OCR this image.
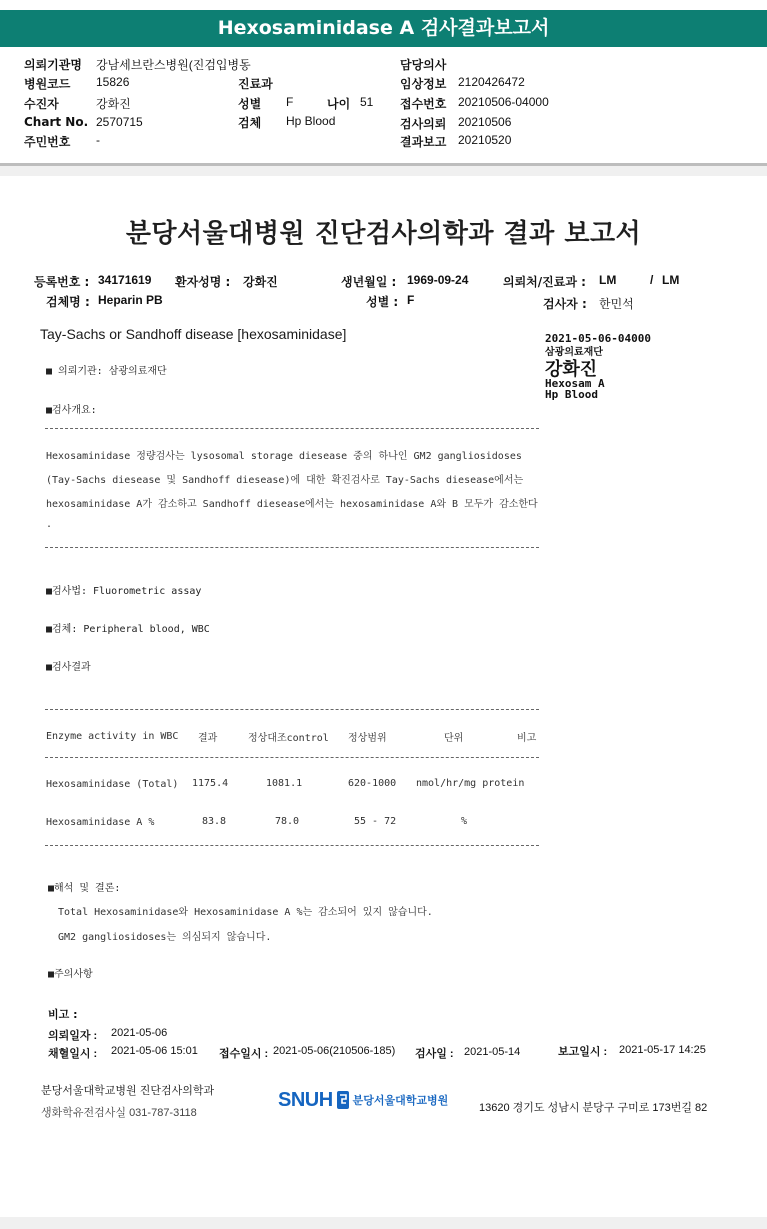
Hexosaminidase A 검사결과보고서
의뢰기관명 강남세브란스병원(진검입병동	담당의사
병원코드 15826	진료과	임상정보 2120426472
수진자	강화진	성별 F	나이 51 접수번호 20210506-04000
Chart No. 2570715	검체 Hp Blood	검사의뢰 20210506
주민번호 -	결과보고 20210520
분당서울대병원 진단검사의학과 결과 보고서
등록번호 : 34171619 환자성명 : 강화진	생년월일 : 1969-09-24	의뢰처/진료과 : LM	/ LM
검체명 : Heparin PB	성별 : F	검사자 : 한민석
Tay-Sachs or Sandhoff disease [hexosaminidase]	2021-05-06-04000
삼광의료재단
강화진
Hexosam A
Hp Blood
■ 의뢰기관: 삼광의료재단
■검사개요:
Hexosaminidase 정량검사는 lysosomal storage diesease 중의 하나인 GM2 gangliosidoses
(Tay-Sachs diesease 및 Sandhoff diesease)에 대한 확진검사로 Tay-Sachs diesease에서는
hexosaminidase A가 감소하고 Sandhoff diesease에서는 hexosaminidase A와 B 모두가 감소한다
.
■검사법: Fluorometric assay
■검체: Peripheral blood, WBC
■검사결과
Enzyme activity in WBC 결과	정상대조control 정상범위	단위	비고
Hexosaminidase (Total) 1175.4	1081.1	620-1000 nmol/hr/mg protein
Hexosaminidase A %	83.8	78.0	55 - 72	%
■해석 및 결론:
Total Hexosaminidase와 Hexosaminidase A %는 감소되어 있지 않습니다.
GM2 gangliosidoses는 의심되지 않습니다.
■주의사항
비고 :
의뢰일자 : 2021-05-06
채혈일시 : 2021-05-06 15:01 접수일시 : 2021-05-06(210506-185) 검사일 : 2021-05-14	보고일시 : 2021-05-17 14:25
분당서울대학교병원 진단검사의학과
생화학유전검사실 031-787-3118
SNUH 분당서울대학교병원
13620 경기도 성남시 분당구 구미로 173번길 82
